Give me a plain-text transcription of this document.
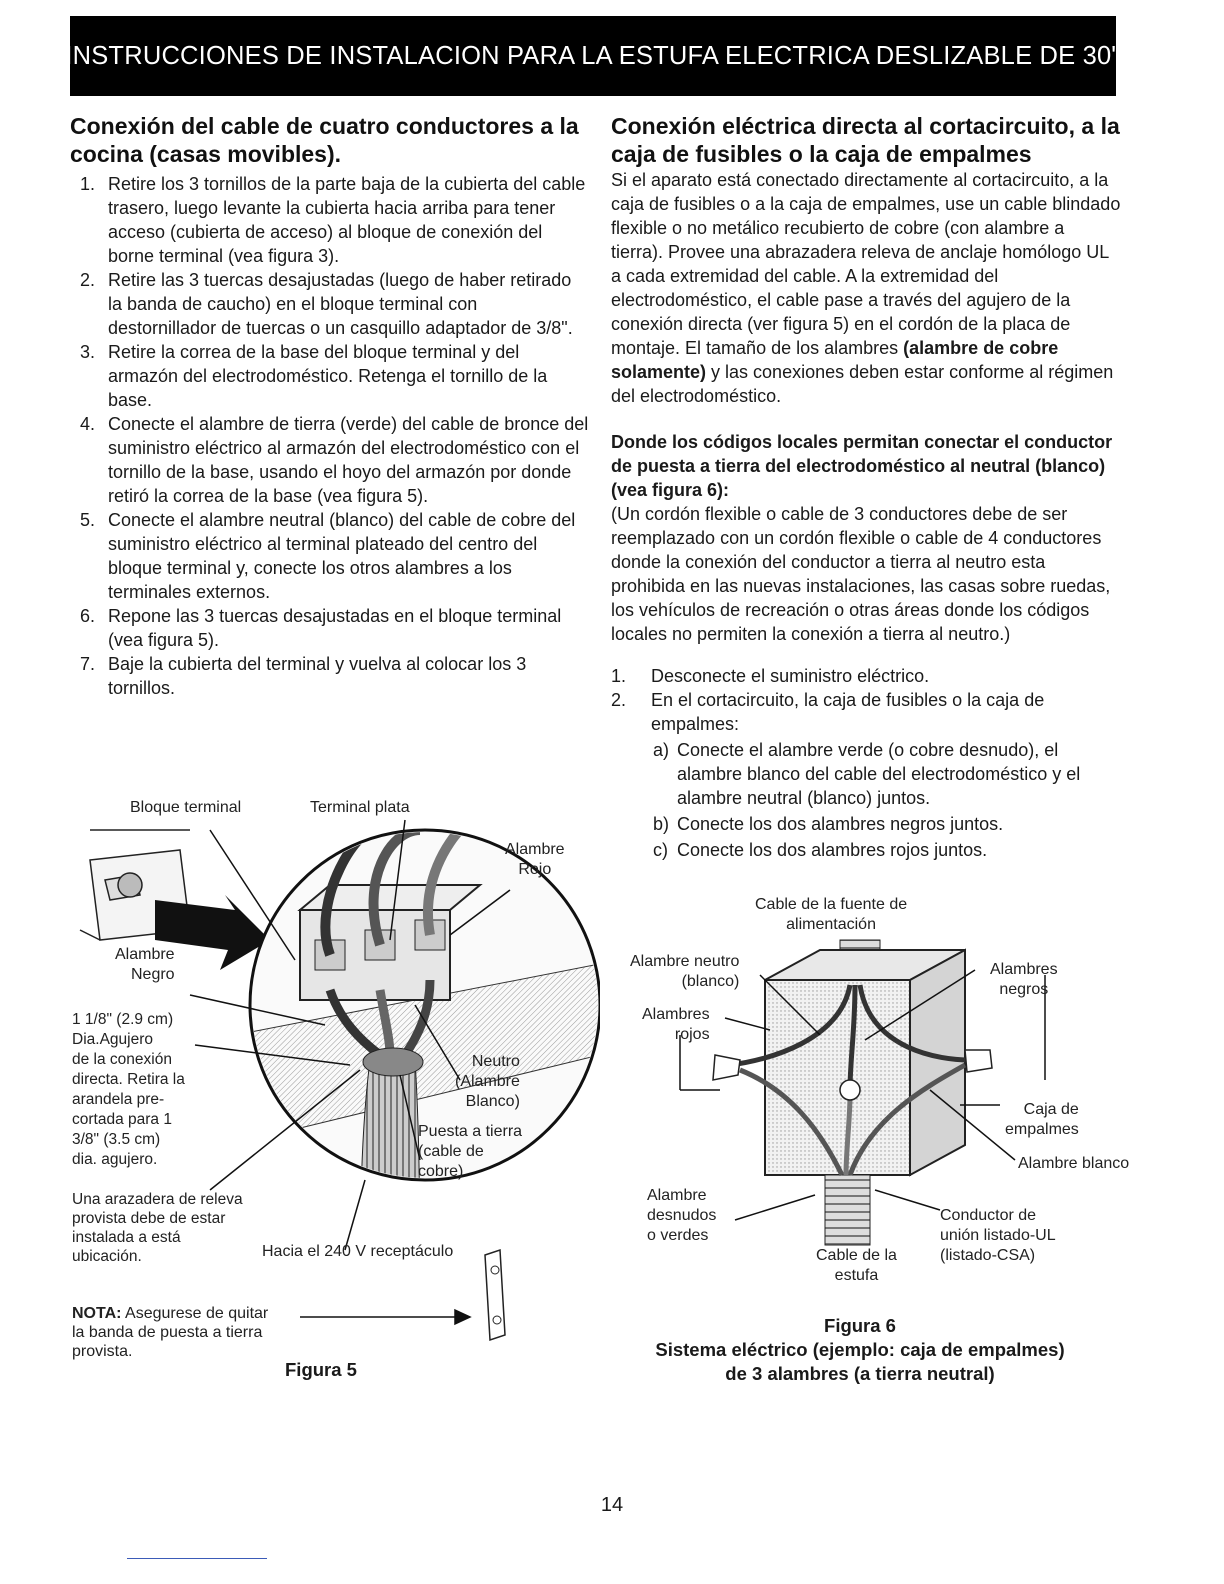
INSTRUCCIONES DE INSTALACION PARA LA ESTUFA ELECTRICA DESLIZABLE DE 30"
Conexión del cable de cuatro conductores a la cocina (casas movibles).
1. Retire los 3 tornillos de la parte baja de la cubierta del cable trasero, luego levante la cubierta hacia arriba para tener acceso (cubierta de acceso) al bloque de conexión del borne terminal (vea figura 3).
2. Retire las 3 tuercas desajustadas (luego de haber retirado la banda de caucho) en el bloque terminal con destornillador de tuercas o un casquillo adaptador de 3/8".
3. Retire la correa de la base del bloque terminal y del armazón del electrodoméstico. Retenga el tornillo de la base.
4. Conecte el alambre de tierra (verde) del cable de bronce del suministro eléctrico al armazón del electrodoméstico con el tornillo de la base, usando el hoyo del armazón por donde retiró la correa de la base (vea figura 5).
5. Conecte el alambre neutral (blanco) del cable de cobre del suministro eléctrico al terminal plateado del centro del bloque terminal y, conecte los otros alambres a los terminales externos.
6. Repone las 3 tuercas desajustadas en el bloque terminal (vea figura 5).
7. Baje la cubierta del terminal y vuelva al colocar los 3 tornillos.
Bloque terminal	Terminal plata
Alambre
Rojo
Alambre
Negro
1 1/8" (2.9 cm)
Dia.Agujero
de la conexión
directa. Retira la
arandela pre-
cortada para 1
3/8" (3.5 cm)
dia. agujero.
Neutro
(Alambre
Blanco)
Puesta a tierra
(cable de
cobre)
Una arazadera de releva
provista debe de estar
instalada a está
ubicación.	Hacia el 240 V receptáculo
NOTA: Asegurese de quitar
la banda de puesta a tierra
provista.
Figura 5
Conexión eléctrica directa al cortacircuito, a la caja de fusibles o la caja de empalmes

Si el aparato está conectado directamente al cortacircuito, a la caja de fusibles o a la caja de empalmes, use un cable blindado flexible o no metálico recubierto de cobre (con alambre a tierra). Provee una abrazadera releva de anclaje homólogo UL a cada extremidad del cable. A la extremidad del electrodoméstico, el cable pase a través del agujero de la conexión directa (ver figura 5) en el cordón de la placa de montaje. El tamaño de los alambres (alambre de cobre solamente) y las conexiones deben estar conforme al régimen del electrodoméstico.

Donde los códigos locales permitan conectar el conductor de puesta a tierra del electrodoméstico al neutral (blanco) (vea figura 6):

(Un cordón flexible o cable de 3 conductores debe de ser reemplazado con un cordón flexible o cable de 4 conductores donde la conexión del conductor a tierra al neutro esta prohibida en las nuevas instalaciones, las casas sobre ruedas, los vehículos de recreación o otras áreas donde los códigos locales no permiten la conexión a tierra al neutro.)

1. Desconecte el suministro eléctrico.
2. En el cortacircuito, la caja de fusibles o la caja de empalmes:
a) Conecte el alambre verde (o cobre desnudo), el alambre blanco del cable del electrodoméstico y el alambre neutral (blanco) juntos.
b) Conecte los dos alambres negros juntos.
c) Conecte los dos alambres rojos juntos.
Cable de la fuente de
alimentación
Alambre neutro
(blanco)
Alambres
negros
Alambres
rojos
Caja de
empalmes
Alambre blanco
Alambre
desnudos
o verdes
Cable de la
estufa
Conductor de
unión listado-UL
(listado-CSA)
Figura 6
Sistema eléctrico (ejemplo: caja de empalmes)
de 3 alambres (a tierra neutral)
14
